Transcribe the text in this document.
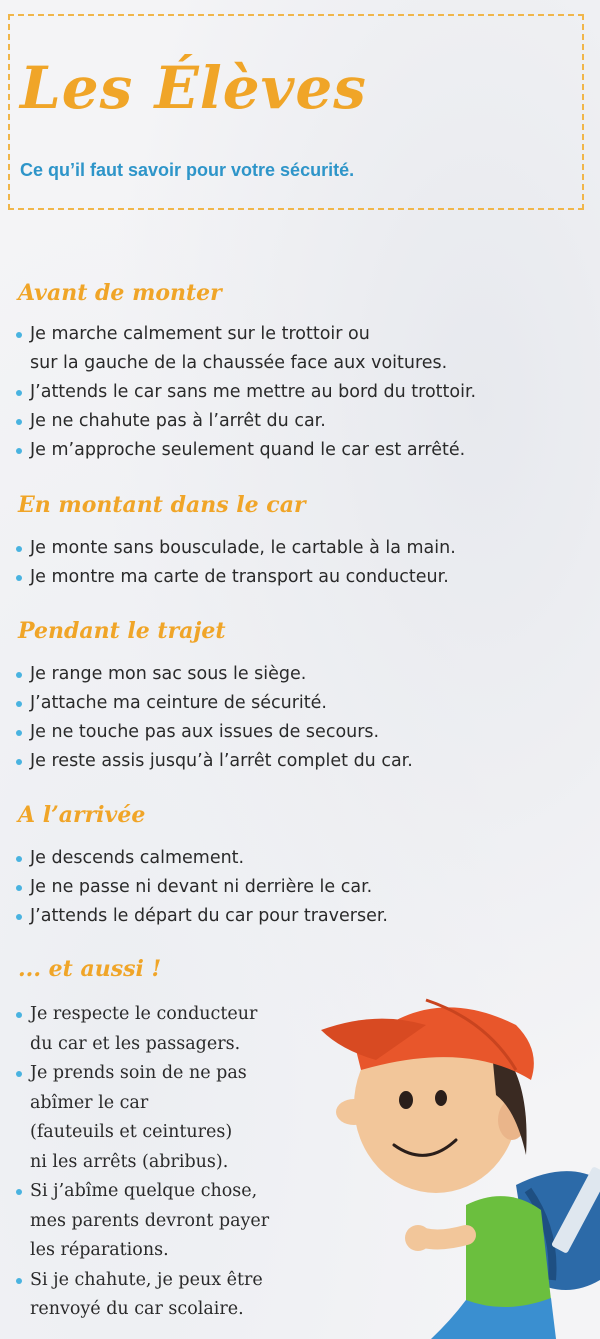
Les Élèves
Ce qu’il faut savoir pour votre sécurité.
Avant de monter
Je marche calmement sur le trottoir ou
sur la gauche de la chaussée face aux voitures.
J’attends le car sans me mettre au bord du trottoir.
Je ne chahute pas à l’arrêt du car.
Je m’approche seulement quand le car est arrêté.
En montant dans le car
Je monte sans bousculade, le cartable à la main.
Je montre ma carte de transport au conducteur.
Pendant le trajet
Je range mon sac sous le siège.
J’attache ma ceinture de sécurité.
Je ne touche pas aux issues de secours.
Je reste assis jusqu’à l’arrêt complet du car.
A l’arrivée
Je descends calmement.
Je ne passe ni devant ni derrière le car.
J’attends le départ du car pour traverser.
... et aussi !
Je respecte le conducteur
du car et les passagers.
Je prends soin de ne pas
abîmer le car
(fauteuils et ceintures)
ni les arrêts (abribus).
Si j’abîme quelque chose,
mes parents devront payer
les réparations.
Si je chahute, je peux être
renvoyé du car scolaire.
